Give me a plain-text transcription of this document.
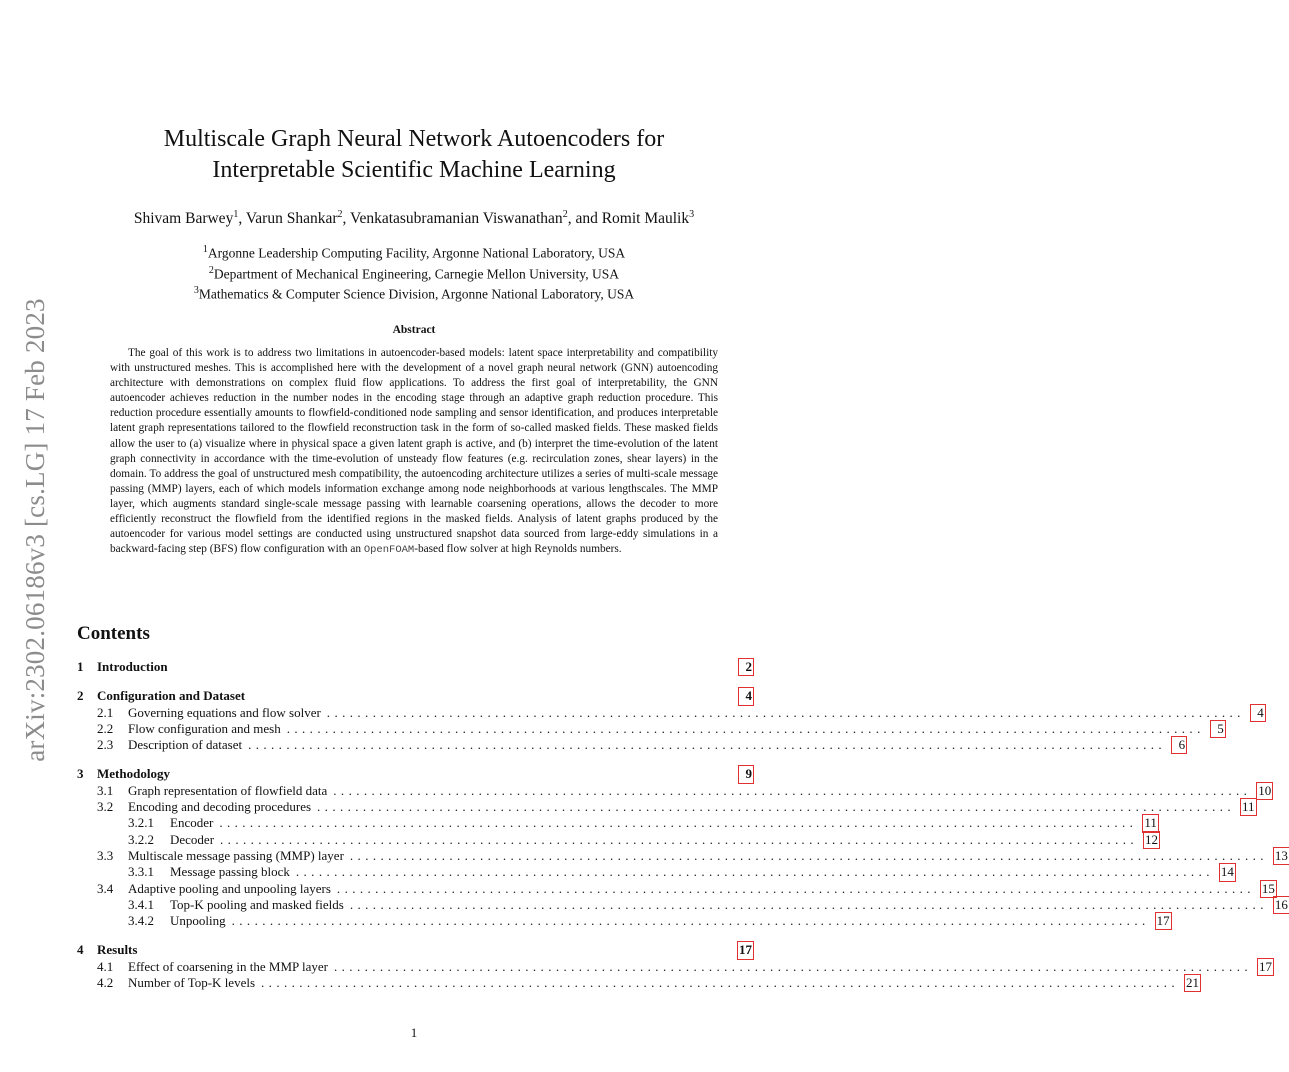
arXiv:2302.06186v3 [cs.LG] 17 Feb 2023
Multiscale Graph Neural Network Autoencoders for
Interpretable Scientific Machine Learning
Shivam Barwey$^1$, Varun Shankar$^2$, Venkatasubramanian Viswanathan$^2$, and Romit Maulik$^3$
$^1$Argonne Leadership Computing Facility, Argonne National Laboratory, USA
$^2$Department of Mechanical Engineering, Carnegie Mellon University, USA
$^3$Mathematics & Computer Science Division, Argonne National Laboratory, USA
Abstract
The goal of this work is to address two limitations in autoencoder-based models: latent space interpretability and compatibility with unstructured meshes. This is accomplished here with the development of a novel graph neural network (GNN) autoencoding architecture with demonstrations on complex fluid flow applications. To address the first goal of interpretability, the GNN autoencoder achieves reduction in the number nodes in the encoding stage through an adaptive graph reduction procedure. This reduction procedure essentially amounts to flowfield-conditioned node sampling and sensor identification, and produces interpretable latent graph representations tailored to the flowfield reconstruction task in the form of so-called masked fields. These masked fields allow the user to (a) visualize where in physical space a given latent graph is active, and (b) interpret the time-evolution of the latent graph connectivity in accordance with the time-evolution of unsteady flow features (e.g. recirculation zones, shear layers) in the domain. To address the goal of unstructured mesh compatibility, the autoencoding architecture utilizes a series of multi-scale message passing (MMP) layers, each of which models information exchange among node neighborhoods at various lengthscales. The MMP layer, which augments standard single-scale message passing with learnable coarsening operations, allows the decoder to more efficiently reconstruct the flowfield from the identified regions in the masked fields. Analysis of latent graphs produced by the autoencoder for various model settings are conducted using unstructured snapshot data sourced from large-eddy simulations in a backward-facing step (BFS) flow configuration with an OpenFOAM-based flow solver at high Reynolds numbers.
Contents
1	Introduction	2
2	Configuration and Dataset	4
2.1	Governing equations and flow solver ........................................................................................................................ 4
2.2	Flow configuration and mesh ........................................................................................................................ 5
2.3	Description of dataset ........................................................................................................................ 6
3	Methodology	9
3.1	Graph representation of flowfield data ........................................................................................................................ 10
3.2	Encoding and decoding procedures ........................................................................................................................ 11
3.2.1	Encoder ........................................................................................................................ 11
3.2.2	Decoder ........................................................................................................................ 12
3.3	Multiscale message passing (MMP) layer ........................................................................................................................ 13
3.3.1	Message passing block ........................................................................................................................ 14
3.4	Adaptive pooling and unpooling layers ........................................................................................................................ 15
3.4.1	Top-K pooling and masked fields ........................................................................................................................ 16
3.4.2	Unpooling ........................................................................................................................ 17
4	Results	17
4.1	Effect of coarsening in the MMP layer ........................................................................................................................ 17
4.2	Number of Top-K levels ........................................................................................................................ 21
1
